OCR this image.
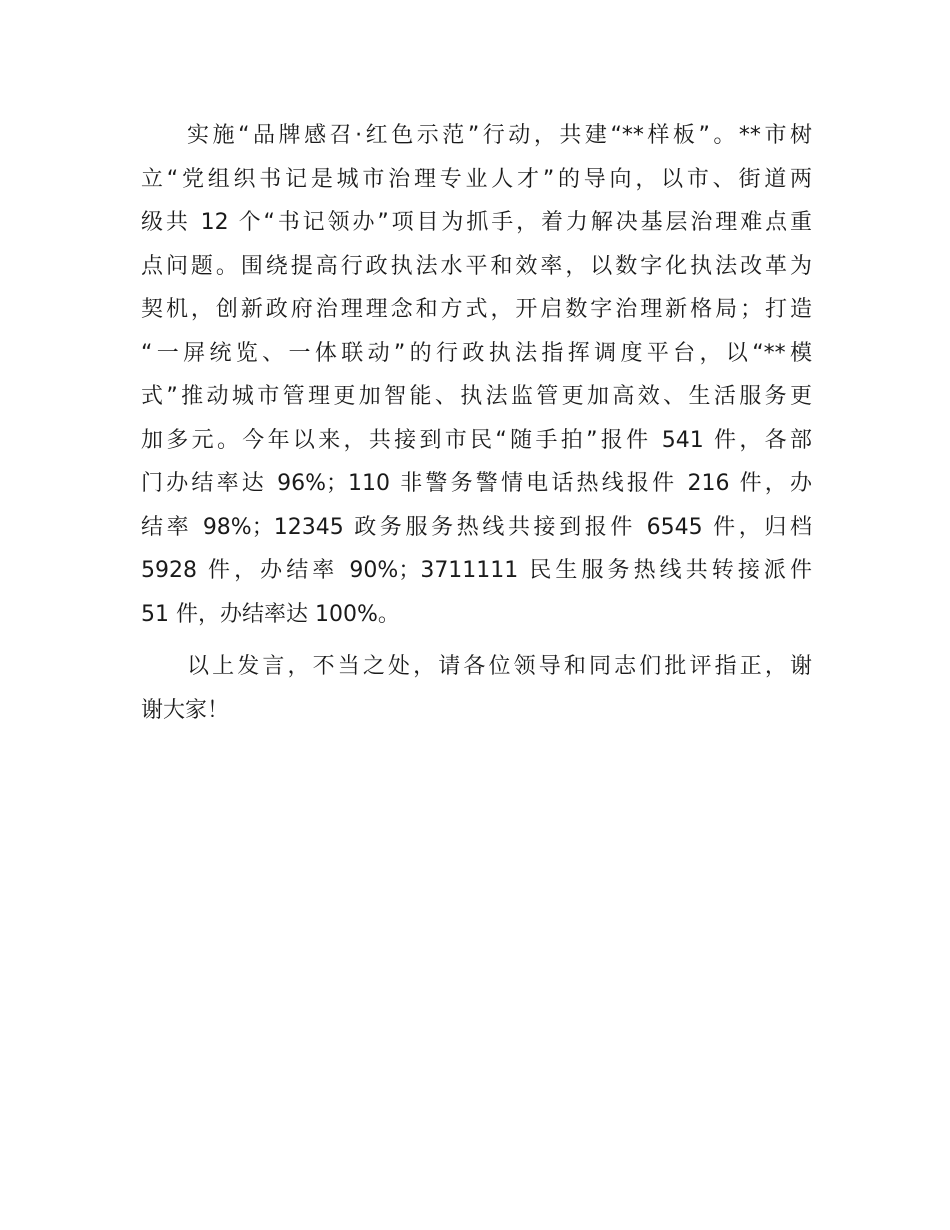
实施“品牌感召·红色示范”行动，共建“**样板”。**市树
立“党组织书记是城市治理专业人才”的导向，以市、街道两
级共 12 个“书记领办”项目为抓手，着力解决基层治理难点重
点问题。围绕提高行政执法水平和效率，以数字化执法改革为
契机，创新政府治理理念和方式，开启数字治理新格局；打造
“一屏统览、一体联动”的行政执法指挥调度平台，以“**模
式”推动城市管理更加智能、执法监管更加高效、生活服务更
加多元。今年以来，共接到市民“随手拍”报件 541 件，各部
门办结率达 96%；110 非警务警情电话热线报件 216 件，办
结率 98%；12345 政务服务热线共接到报件 6545 件，归档
5928 件，办结率 90%；3711111 民生服务热线共转接派件
51 件，办结率达 100%。
以上发言，不当之处，请各位领导和同志们批评指正，谢
谢大家！
